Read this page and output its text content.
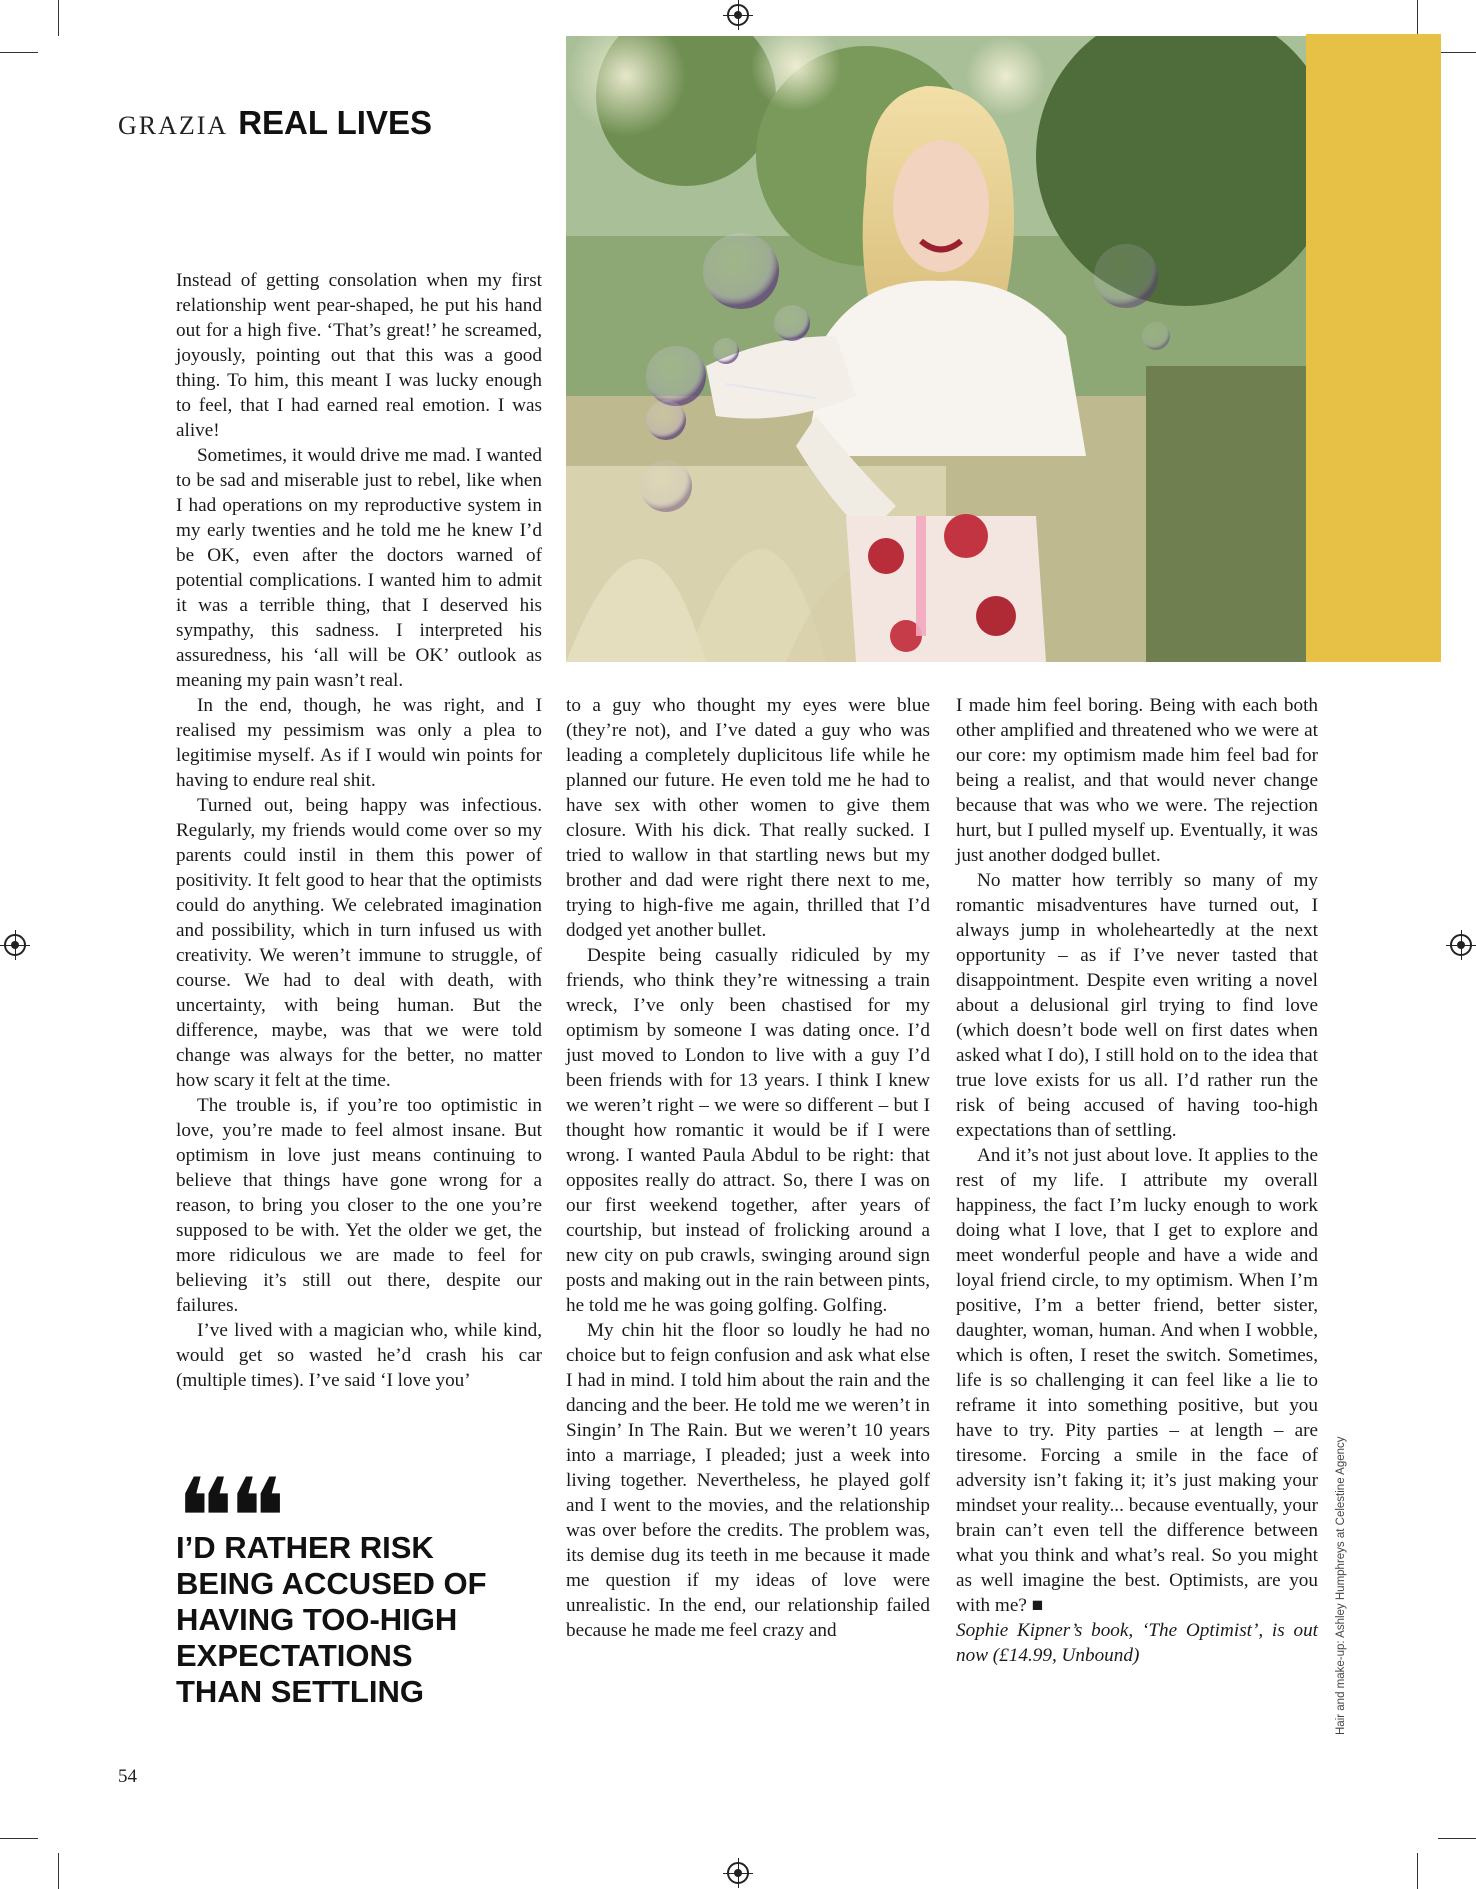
GRAZIA REAL LIVES

Instead of getting consolation when my first relationship went pear-shaped, he put his hand out for a high five. ‘That’s great!’ he screamed, joyously, pointing out that this was a good thing. To him, this meant I was lucky enough to feel, that I had earned real emotion. I was alive!

Sometimes, it would drive me mad. I wanted to be sad and miserable just to rebel, like when I had operations on my reproductive system in my early twenties and he told me he knew I’d be OK, even after the doctors warned of potential complications. I wanted him to admit it was a terrible thing, that I deserved his sympathy, this sadness. I interpreted his assuredness, his ‘all will be OK’ outlook as meaning my pain wasn’t real.

In the end, though, he was right, and I realised my pessimism was only a plea to legitimise myself. As if I would win points for having to endure real shit.

Turned out, being happy was infectious. Regularly, my friends would come over so my parents could instil in them this power of positivity. It felt good to hear that the optimists could do anything. We celebrated imagination and possibility, which in turn infused us with creativity. We weren’t immune to struggle, of course. We had to deal with death, with uncertainty, with being human. But the difference, maybe, was that we were told change was always for the better, no matter how scary it felt at the time.

The trouble is, if you’re too optimistic in love, you’re made to feel almost insane. But optimism in love just means continuing to believe that things have gone wrong for a reason, to bring you closer to the one you’re supposed to be with. Yet the older we get, the more ridiculous we are made to feel for believing it’s still out there, despite our failures.

I’ve lived with a magician who, while kind, would get so wasted he’d crash his car (multiple times). I’ve said ‘I love you’

❝❝

I’D RATHER RISK BEING ACCUSED OF HAVING TOO-HIGH EXPECTATIONS THAN SETTLING

to a guy who thought my eyes were blue (they’re not), and I’ve dated a guy who was leading a completely duplicitous life while he planned our future. He even told me he had to have sex with other women to give them closure. With his dick. That really sucked. I tried to wallow in that startling news but my brother and dad were right there next to me, trying to high-five me again, thrilled that I’d dodged yet another bullet.

Despite being casually ridiculed by my friends, who think they’re witnessing a train wreck, I’ve only been chastised for my optimism by someone I was dating once. I’d just moved to London to live with a guy I’d been friends with for 13 years. I think I knew we weren’t right – we were so different – but I thought how romantic it would be if I were wrong. I wanted Paula Abdul to be right: that opposites really do attract. So, there I was on our first weekend together, after years of courtship, but instead of frolicking around a new city on pub crawls, swinging around sign posts and making out in the rain between pints, he told me he was going golfing. Golfing.

My chin hit the floor so loudly he had no choice but to feign confusion and ask what else I had in mind. I told him about the rain and the dancing and the beer. He told me we weren’t in Singin’ In The Rain. But we weren’t 10 years into a marriage, I pleaded; just a week into living together. Nevertheless, he played golf and I went to the movies, and the relationship was over before the credits. The problem was, its demise dug its teeth in me because it made me question if my ideas of love were unrealistic. In the end, our relationship failed because he made me feel crazy and

I made him feel boring. Being with each both other amplified and threatened who we were at our core: my optimism made him feel bad for being a realist, and that would never change because that was who we were. The rejection hurt, but I pulled myself up. Eventually, it was just another dodged bullet.

No matter how terribly so many of my romantic misadventures have turned out, I always jump in wholeheartedly at the next opportunity – as if I’ve never tasted that disappointment. Despite even writing a novel about a delusional girl trying to find love (which doesn’t bode well on first dates when asked what I do), I still hold on to the idea that true love exists for us all. I’d rather run the risk of being accused of having too-high expectations than of settling.

And it’s not just about love. It applies to the rest of my life. I attribute my overall happiness, the fact I’m lucky enough to work doing what I love, that I get to explore and meet wonderful people and have a wide and loyal friend circle, to my optimism. When I’m positive, I’m a better friend, better sister, daughter, woman, human. And when I wobble, which is often, I reset the switch. Sometimes, life is so challenging it can feel like a lie to reframe it into something positive, but you have to try. Pity parties – at length – are tiresome. Forcing a smile in the face of adversity isn’t faking it; it’s just making your mindset your reality... because eventually, your brain can’t even tell the difference between what you think and what’s real. So you might as well imagine the best. Optimists, are you with me? ■

Sophie Kipner’s book, ‘The Optimist’, is out now (£14.99, Unbound)	Hair and make-up: Ashley Humphreys at Celestine Agency
54
